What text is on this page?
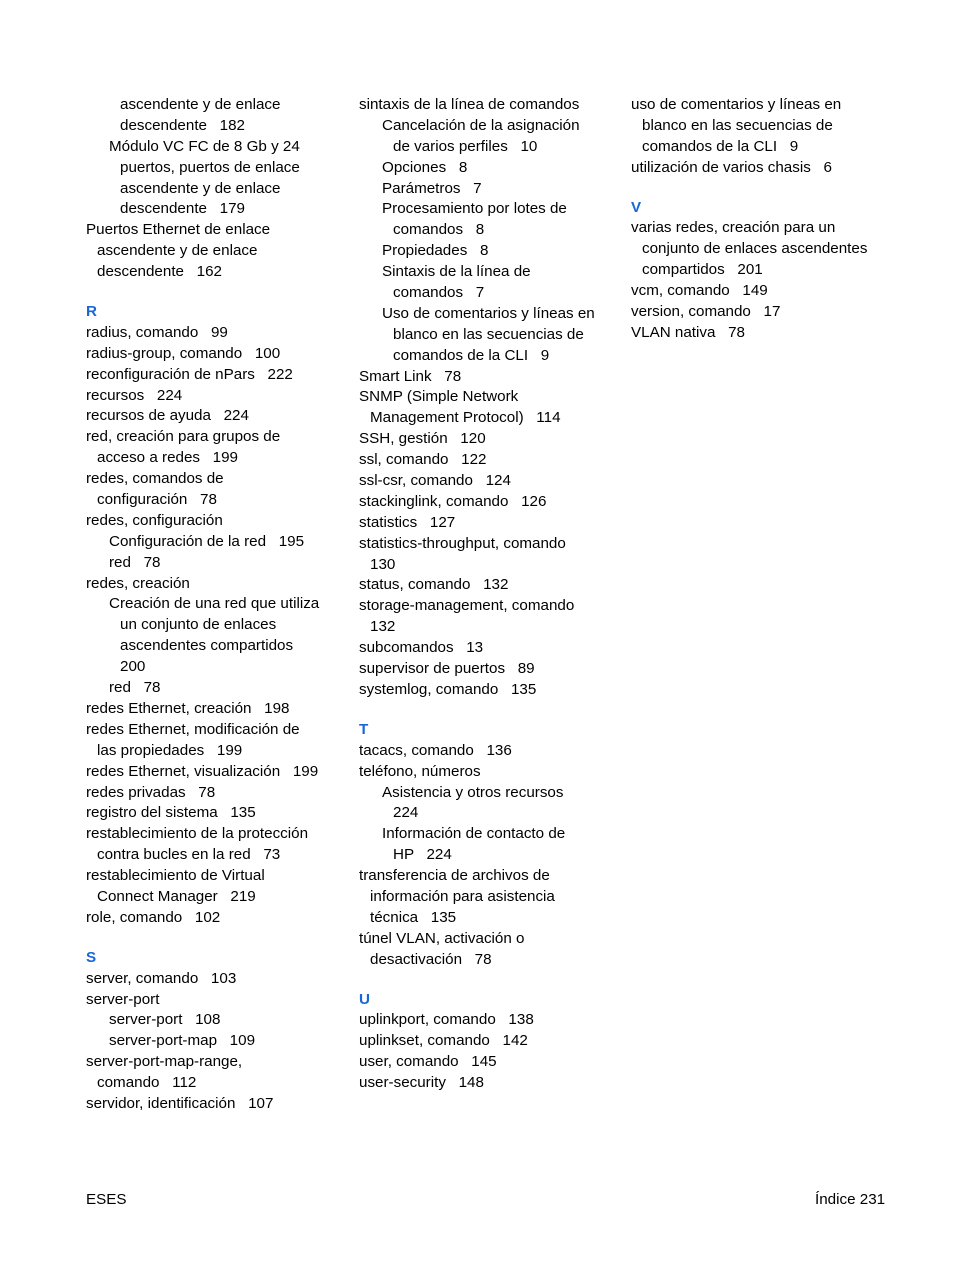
ascendente y de enlace
descendente   182
Módulo VC FC de 8 Gb y 24
puertos, puertos de enlace
ascendente y de enlace
descendente   179
Puertos Ethernet de enlace
ascendente y de enlace
descendente   162
R
radius, comando   99
radius-group, comando   100
reconfiguración de nPars   222
recursos   224
recursos de ayuda   224
red, creación para grupos de
acceso a redes   199
redes, comandos de
configuración   78
redes, configuración
Configuración de la red   195
red   78
redes, creación
Creación de una red que utiliza
un conjunto de enlaces
ascendentes compartidos
200
red   78
redes Ethernet, creación   198
redes Ethernet, modificación de
las propiedades   199
redes Ethernet, visualización   199
redes privadas   78
registro del sistema   135
restablecimiento de la protección
contra bucles en la red   73
restablecimiento de Virtual
Connect Manager   219
role, comando   102
S
server, comando   103
server-port
server-port   108
server-port-map   109
server-port-map-range,
comando   112
servidor, identificación   107
sintaxis de la línea de comandos
Cancelación de la asignación
de varios perfiles   10
Opciones   8
Parámetros   7
Procesamiento por lotes de
comandos   8
Propiedades   8
Sintaxis de la línea de
comandos   7
Uso de comentarios y líneas en
blanco en las secuencias de
comandos de la CLI   9
Smart Link   78
SNMP (Simple Network
Management Protocol)   114
SSH, gestión   120
ssl, comando   122
ssl-csr, comando   124
stackinglink, comando   126
statistics   127
statistics-throughput, comando
130
status, comando   132
storage-management, comando
132
subcomandos   13
supervisor de puertos   89
systemlog, comando   135
T
tacacs, comando   136
teléfono, números
Asistencia y otros recursos
224
Información de contacto de
HP   224
transferencia de archivos de
información para asistencia
técnica   135
túnel VLAN, activación o
desactivación   78
U
uplinkport, comando   138
uplinkset, comando   142
user, comando   145
user-security   148
uso de comentarios y líneas en
blanco en las secuencias de
comandos de la CLI   9
utilización de varios chasis   6
V
varias redes, creación para un
conjunto de enlaces ascendentes
compartidos   201
vcm, comando   149
version, comando   17
VLAN nativa   78
ESES	Índice 231
